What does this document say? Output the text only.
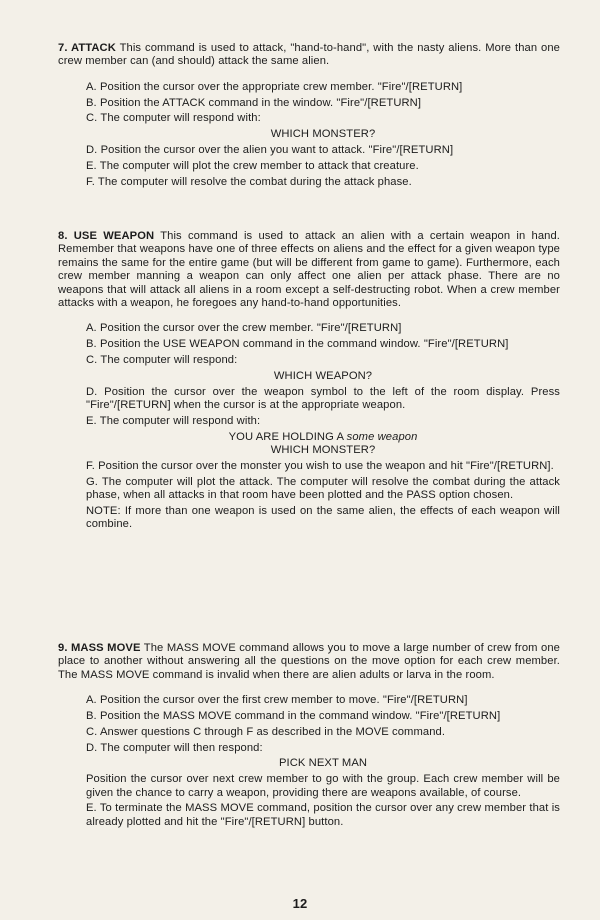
7. ATTACK This command is used to attack, "hand-to-hand", with the nasty aliens. More than one crew member can (and should) attack the same alien.

A. Position the cursor over the appropriate crew member. "Fire"/[RETURN]

B. Position the ATTACK command in the window. "Fire"/[RETURN]

C. The computer will respond with:

WHICH MONSTER?

D. Position the cursor over the alien you want to attack. "Fire"/[RETURN]

E. The computer will plot the crew member to attack that creature.

F. The computer will resolve the combat during the attack phase.

8. USE WEAPON This command is used to attack an alien with a certain weapon in hand. Remember that weapons have one of three effects on aliens and the effect for a given weapon type remains the same for the entire game (but will be different from game to game). Furthermore, each crew member manning a weapon can only affect one alien per attack phase. There are no weapons that will attack all aliens in a room except a self-destructing robot. When a crew member attacks with a weapon, he foregoes any hand-to-hand opportunities.

A. Position the cursor over the crew member. "Fire"/[RETURN]

B. Position the USE WEAPON command in the command window. "Fire"/[RETURN]

C. The computer will respond:

WHICH WEAPON?

D. Position the cursor over the weapon symbol to the left of the room display. Press "Fire"/[RETURN] when the cursor is at the appropriate weapon.

E. The computer will respond with:

YOU ARE HOLDING A some weapon

WHICH MONSTER?

F. Position the cursor over the monster you wish to use the weapon and hit "Fire"/[RETURN].

G. The computer will plot the attack. The computer will resolve the combat during the attack phase, when all attacks in that room have been plotted and the PASS option chosen.

NOTE: If more than one weapon is used on the same alien, the effects of each weapon will combine.

9. MASS MOVE The MASS MOVE command allows you to move a large number of crew from one place to another without answering all the questions on the move option for each crew member. The MASS MOVE command is invalid when there are alien adults or larva in the room.

A. Position the cursor over the first crew member to move. "Fire"/[RETURN]

B. Position the MASS MOVE command in the command window. "Fire"/[RETURN]

C. Answer questions C through F as described in the MOVE command.

D. The computer will then respond:

PICK NEXT MAN

Position the cursor over next crew member to go with the group. Each crew member will be given the chance to carry a weapon, providing there are weapons available, of course.

E. To terminate the MASS MOVE command, position the cursor over any crew member that is already plotted and hit the "Fire"/[RETURN] button.

12
